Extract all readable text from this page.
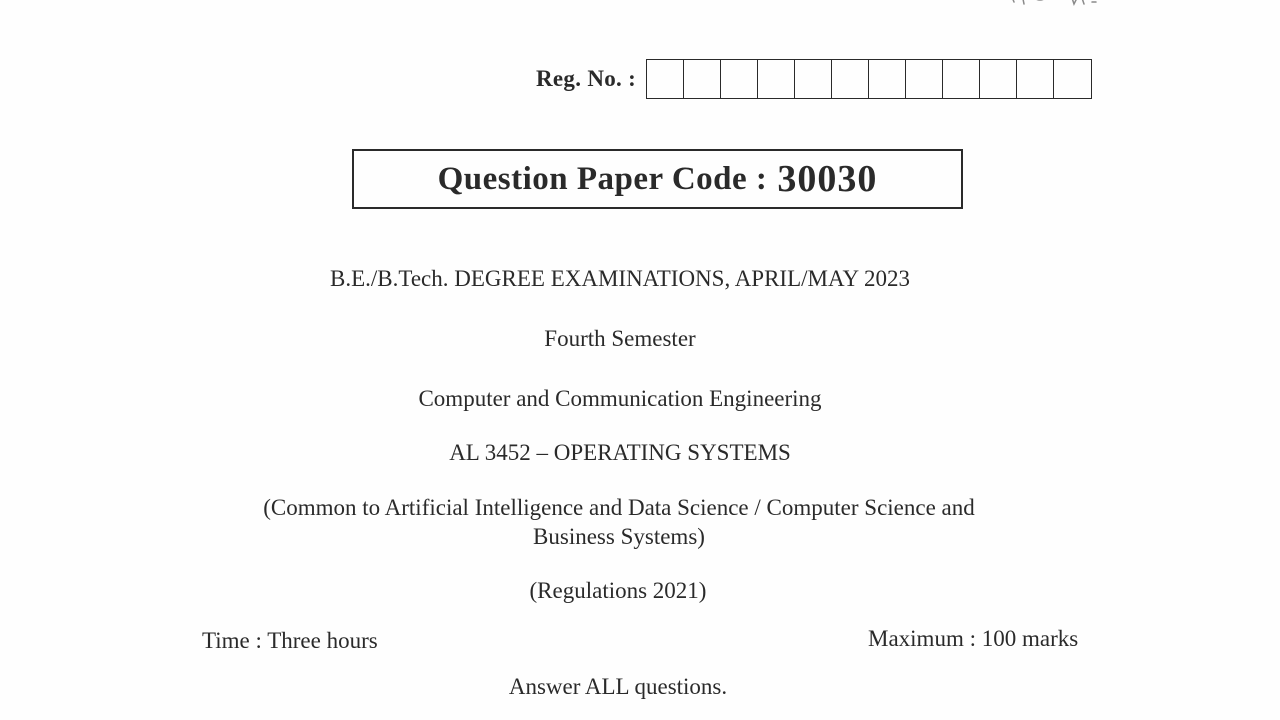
Reg. No. :
Question Paper Code : 30030
B.E./B.Tech. DEGREE EXAMINATIONS, APRIL/MAY 2023
Fourth Semester
Computer and Communication Engineering
AL 3452 – OPERATING SYSTEMS
(Common to Artificial Intelligence and Data Science / Computer Science and
Business Systems)
(Regulations 2021)
Time : Three hours	Maximum : 100 marks
Answer ALL questions.
